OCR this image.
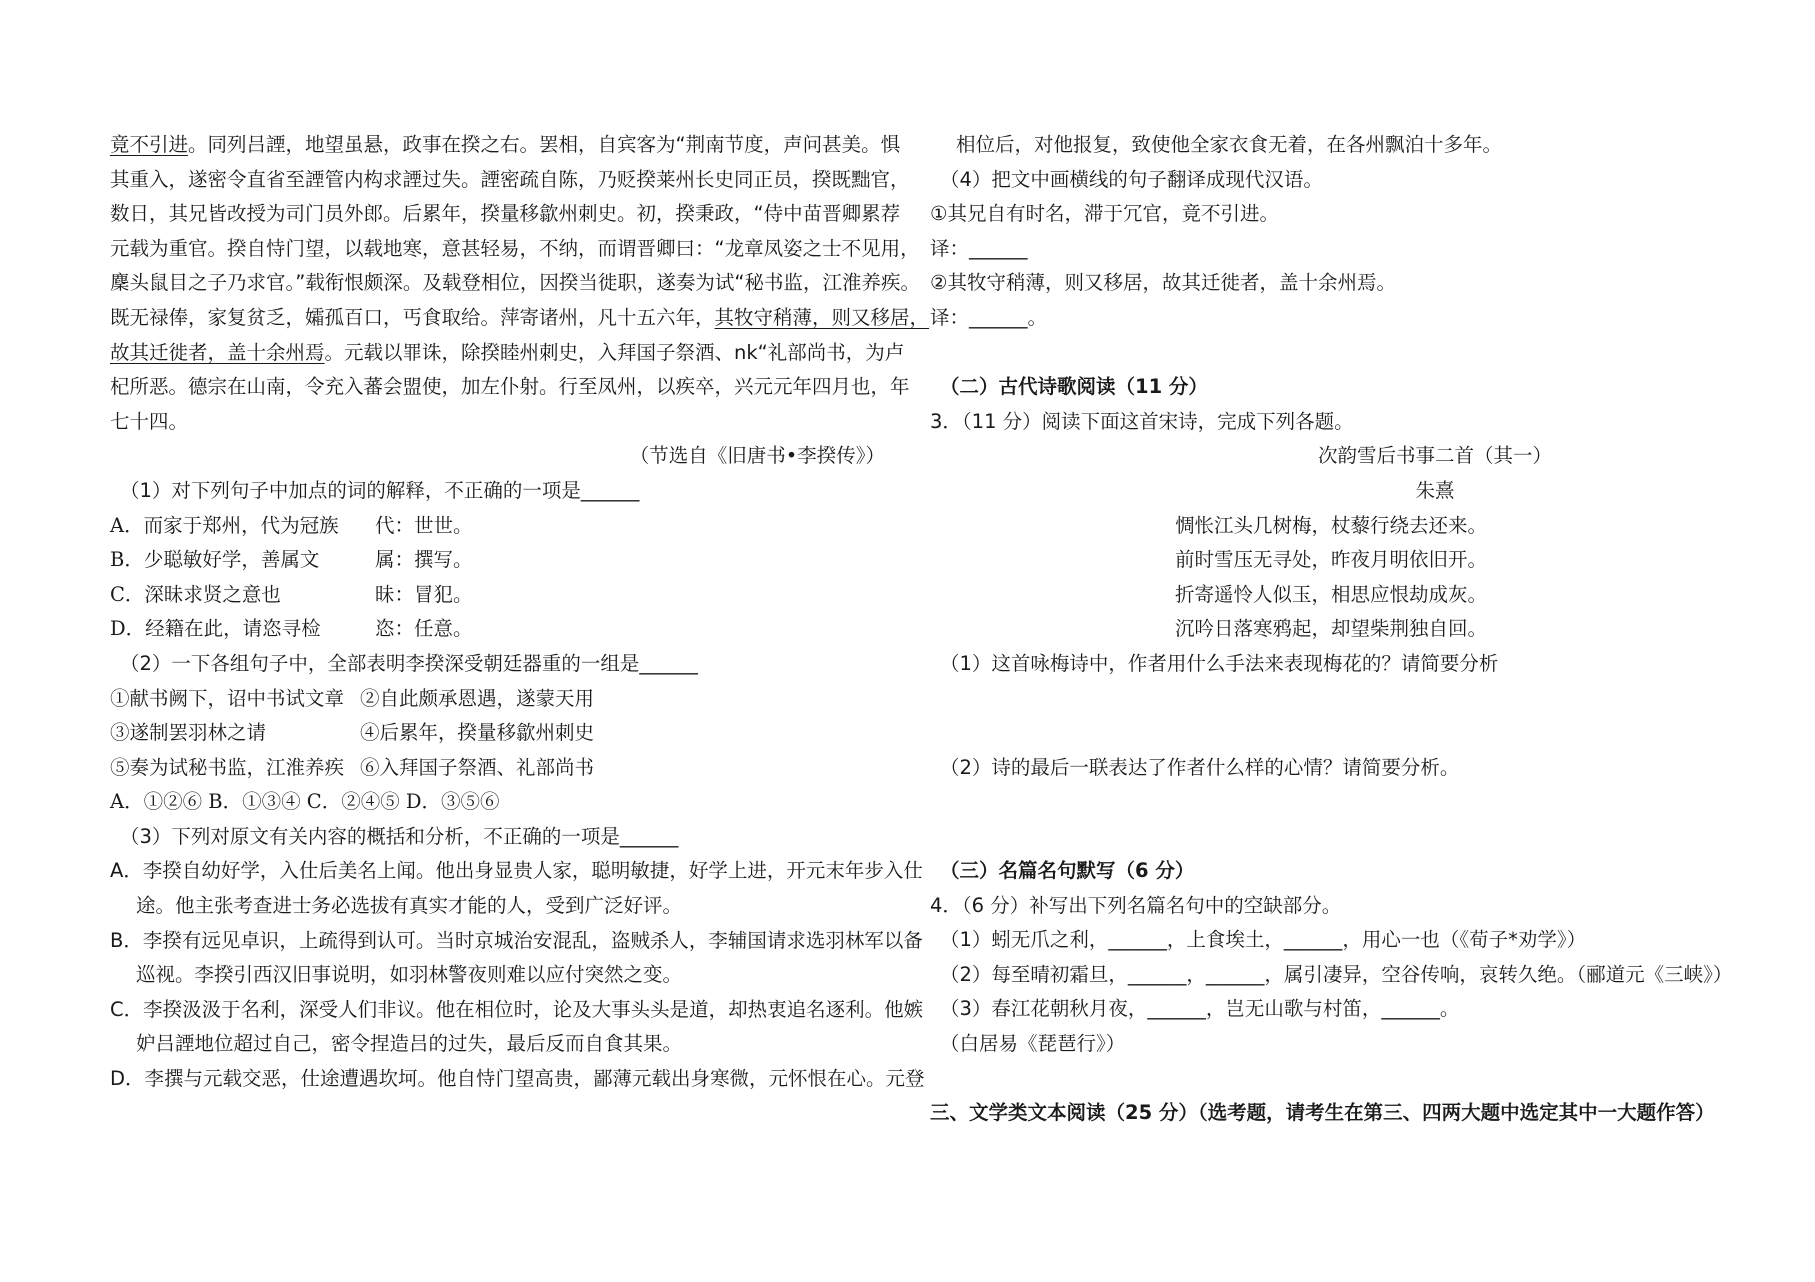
竟不引进。同列吕諲，地望虽悬，政事在揆之右。罢相，自宾客为“荆南节度，声问甚美。惧
其重入，遂密令直省至諲管内构求諲过失。諲密疏自陈，乃贬揆莱州长史同正员，揆既黜官，
数日，其兄皆改授为司门员外郎。后累年，揆量移歙州刺史。初，揆秉政，“侍中苗晋卿累荐
元载为重官。揆自恃门望，以载地寒，意甚轻易，不纳，而谓晋卿曰：“龙章凤姿之士不见用，
麇头鼠目之子乃求官。”载衔恨颇深。及载登相位，因揆当徙职，遂奏为试“秘书监，江淮养疾。
既无禄俸，家复贫乏，孀孤百口，丐食取给。萍寄诸州，凡十五六年，其牧守稍薄，则又移居，
故其迁徙者，盖十余州焉。元载以罪诛，除揆睦州刺史，入拜国子祭酒、nk“礼部尚书，为卢
杞所恶。德宗在山南，令充入蕃会盟使，加左仆射。行至凤州，以疾卒，兴元元年四月也，年
七十四。
（节选自《旧唐书•李揆传》）
（1）对下列句子中加点的词的解释，不正确的一项是______
A．而家于郑州，代为冠族 代：世世。
B．少聪敏好学，善属文	属：撰写。
C．深昧求贤之意也	昧：冒犯。
D．经籍在此，请恣寻检	恣：任意。
（2）一下各组句子中，全部表明李揆深受朝廷器重的一组是______
①献书阙下，诏中书试文章 ②自此颇承恩遇，遂蒙天用
③遂制罢羽林之请	④后累年，揆量移歙州刺史
⑤奏为试秘书监，江淮养疾 ⑥入拜国子祭酒、礼部尚书
A．①②⑥ B．①③④ C．②④⑤ D．③⑤⑥
（3）下列对原文有关内容的概括和分析，不正确的一项是______
A．李揆自幼好学，入仕后美名上闻。他出身显贵人家，聪明敏捷，好学上进，开元末年步入仕
途。他主张考查进士务必选拔有真实才能的人，受到广泛好评。
B．李揆有远见卓识，上疏得到认可。当时京城治安混乱，盗贼杀人，李辅国请求选羽林军以备
巡视。李揆引西汉旧事说明，如羽林警夜则难以应付突然之变。
C．李揆汲汲于名利，深受人们非议。他在相位时，论及大事头头是道，却热衷追名逐利。他嫉
妒吕諲地位超过自己，密令捏造吕的过失，最后反而自食其果。
D．李撰与元载交恶，仕途遭遇坎坷。他自恃门望高贵，鄙薄元载出身寒微，元怀恨在心。元登
相位后，对他报复，致使他全家衣食无着，在各州飘泊十多年。
（4）把文中画横线的句子翻译成现代汉语。
①其兄自有时名，滞于冗官，竟不引进。
译：______
②其牧守稍薄，则又移居，故其迁徙者，盖十余州焉。
译：______。
（二）古代诗歌阅读（11 分）
3．（11 分）阅读下面这首宋诗，完成下列各题。
次韵雪后书事二首（其一）
朱熹
惆怅江头几树梅，杖藜行绕去还来。
前时雪压无寻处，昨夜月明依旧开。
折寄遥怜人似玉，相思应恨劫成灰。
沉吟日落寒鸦起，却望柴荆独自回。
（1）这首咏梅诗中，作者用什么手法来表现梅花的？请简要分析
（2）诗的最后一联表达了作者什么样的心情？请简要分析。
（三）名篇名句默写（6 分）
4．（6 分）补写出下列名篇名句中的空缺部分。
（1）蚓无爪之利，______，上食埃土，______，用心一也（《荀子*劝学》）
（2）每至晴初霜旦，______，______，属引凄异，空谷传响，哀转久绝。（郦道元《三峡》）
（3）春江花朝秋月夜，______，岂无山歌与村笛，______。
（白居易《琵琶行》）
三、文学类文本阅读（25 分）（选考题，请考生在第三、四两大题中选定其中一大题作答）
